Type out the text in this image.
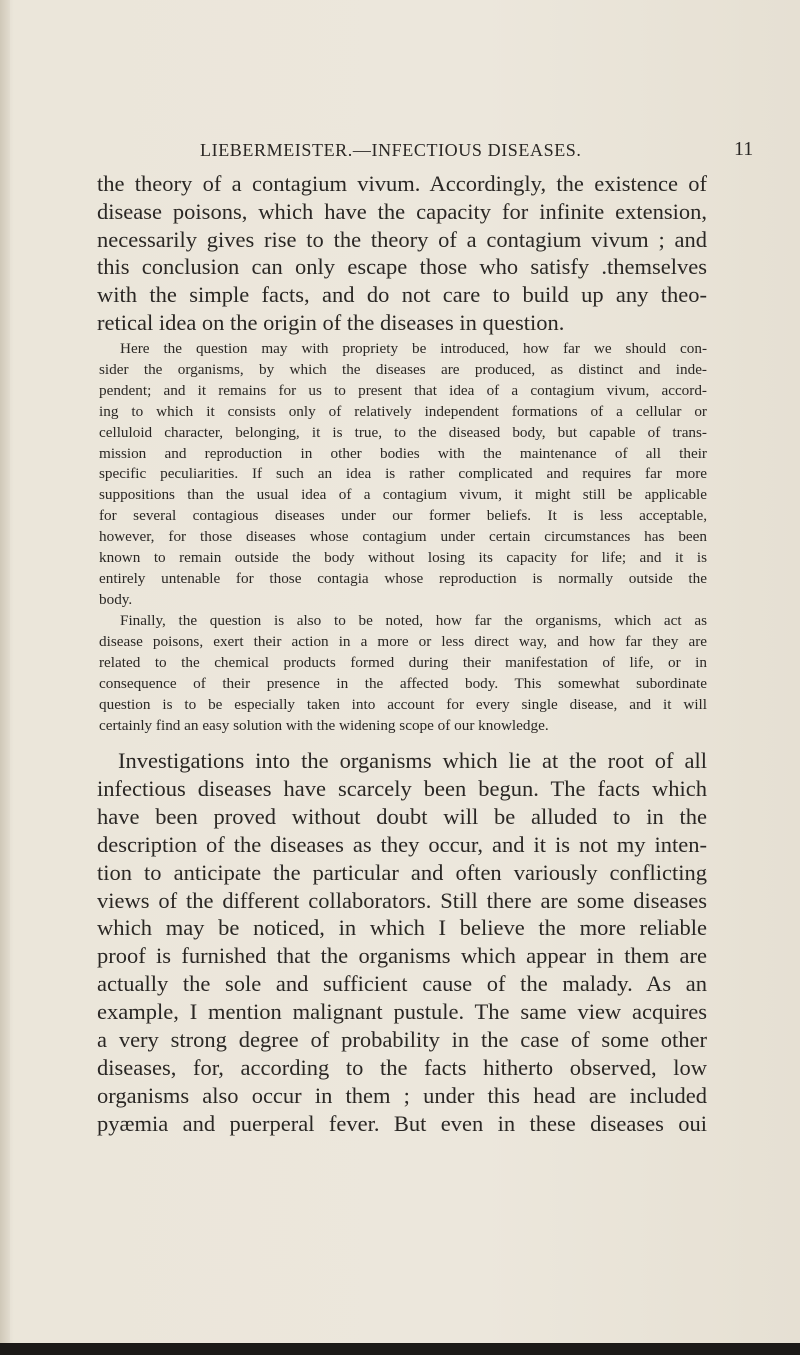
LIEBERMEISTER.—INFECTIOUS DISEASES.	11
the theory of a contagium vivum. Accordingly, the existence of
disease poisons, which have the capacity for infinite extension,
necessarily gives rise to the theory of a contagium vivum ; and
this conclusion can only escape those who satisfy .themselves
with the simple facts, and do not care to build up any theo-
retical idea on the origin of the diseases in question.
Here the question may with propriety be introduced, how far we should con-
sider the organisms, by which the diseases are produced, as distinct and inde-
pendent; and it remains for us to present that idea of a contagium vivum, accord-
ing to which it consists only of relatively independent formations of a cellular or
celluloid character, belonging, it is true, to the diseased body, but capable of trans-
mission and reproduction in other bodies with the maintenance of all their
specific peculiarities. If such an idea is rather complicated and requires far more
suppositions than the usual idea of a contagium vivum, it might still be applicable
for several contagious diseases under our former beliefs. It is less acceptable,
however, for those diseases whose contagium under certain circumstances has been
known to remain outside the body without losing its capacity for life; and it is
entirely untenable for those contagia whose reproduction is normally outside the
body.
Finally, the question is also to be noted, how far the organisms, which act as
disease poisons, exert their action in a more or less direct way, and how far they are
related to the chemical products formed during their manifestation of life, or in
consequence of their presence in the affected body. This somewhat subordinate
question is to be especially taken into account for every single disease, and it will
certainly find an easy solution with the widening scope of our knowledge.
Investigations into the organisms which lie at the root of all
infectious diseases have scarcely been begun. The facts which
have been proved without doubt will be alluded to in the
description of the diseases as they occur, and it is not my inten-
tion to anticipate the particular and often variously conflicting
views of the different collaborators. Still there are some diseases
which may be noticed, in which I believe the more reliable
proof is furnished that the organisms which appear in them are
actually the sole and sufficient cause of the malady. As an
example, I mention malignant pustule. The same view acquires
a very strong degree of probability in the case of some other
diseases, for, according to the facts hitherto observed, low
organisms also occur in them ; under this head are included
pyæmia and puerperal fever. But even in these diseases oui
